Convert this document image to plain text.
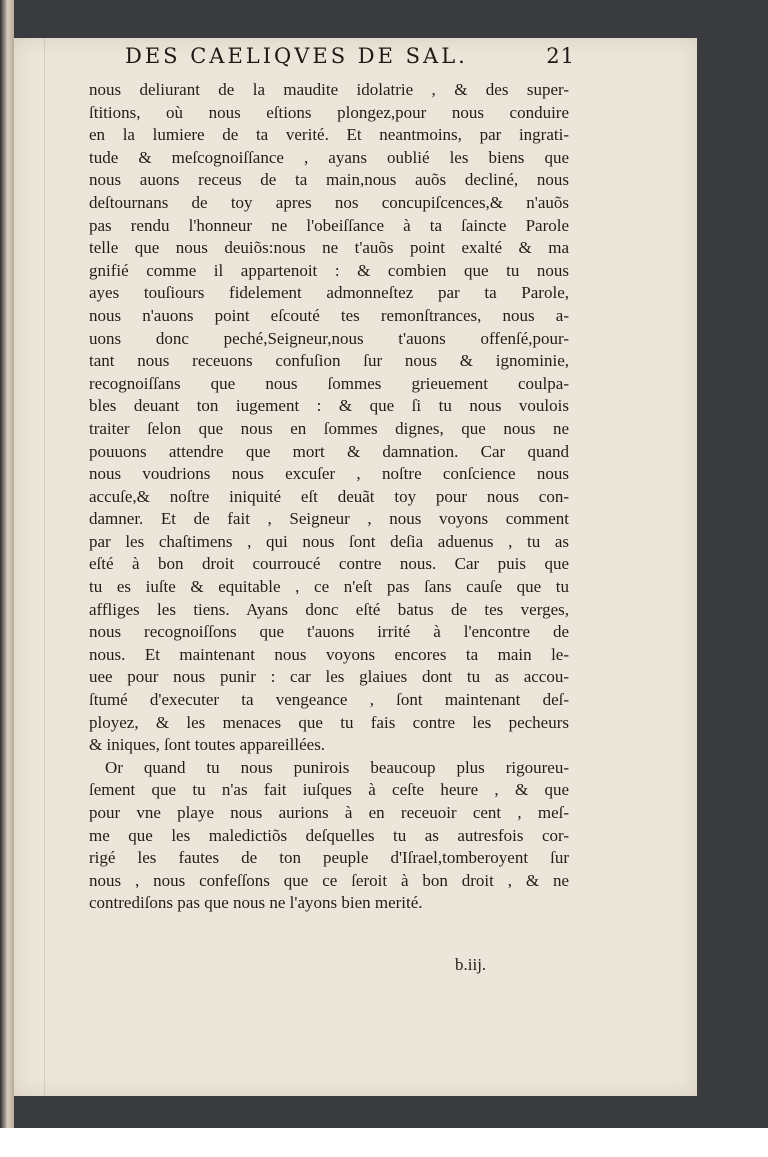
DES CAELIQVES DE SAL.	21
nous deliurant de la maudite idolatrie , & des super-
ſtitions, où nous eſtions plongez,pour nous conduire
en la lumiere de ta verité. Et neantmoins, par ingrati-
tude & meſcognoiſſance , ayans oublié les biens que
nous auons receus de ta main,nous auõs decliné, nous
deſtournans de toy apres nos concupiſcences,& n'auõs
pas rendu l'honneur ne l'obeiſſance à ta ſaincte Parole
telle que nous deuiõs:nous ne t'auõs point exalté & ma
gnifié comme il appartenoit : & combien que tu nous
ayes touſiours fidelement admonneſtez par ta Parole,
nous n'auons point eſcouté tes remonſtrances, nous a-
uons donc peché,Seigneur,nous t'auons offenſé,pour-
tant nous receuons confuſion ſur nous & ignominie,
recognoiſſans que nous ſommes grieuement coulpa-
bles deuant ton iugement : & que ſi tu nous voulois
traiter ſelon que nous en ſommes dignes, que nous ne
pouuons attendre que mort & damnation. Car quand
nous voudrions nous excuſer , noſtre conſcience nous
accuſe,& noſtre iniquité eſt deuãt toy pour nous con-
damner. Et de fait , Seigneur , nous voyons comment
par les chaſtimens , qui nous ſont deſia aduenus , tu as
eſté à bon droit courroucé contre nous. Car puis que
tu es iuſte & equitable , ce n'eſt pas ſans cauſe que tu
affliges les tiens. Ayans donc eſté batus de tes verges,
nous recognoiſſons que t'auons irrité à l'encontre de
nous. Et maintenant nous voyons encores ta main le-
uee pour nous punir : car les glaiues dont tu as accou-
ſtumé d'executer ta vengeance , ſont maintenant deſ-
ployez, & les menaces que tu fais contre les pecheurs
& iniques, ſont toutes appareillées.
Or quand tu nous punirois beaucoup plus rigoureu-
ſement que tu n'as fait iuſques à ceſte heure , & que
pour vne playe nous aurions à en receuoir cent , meſ-
me que les maledictiõs deſquelles tu as autresfois cor-
rigé les fautes de ton peuple d'Iſrael,tomberoyent ſur
nous , nous confeſſons que ce ſeroit à bon droit , & ne
contrediſons pas que nous ne l'ayons bien merité.
b.iij.
